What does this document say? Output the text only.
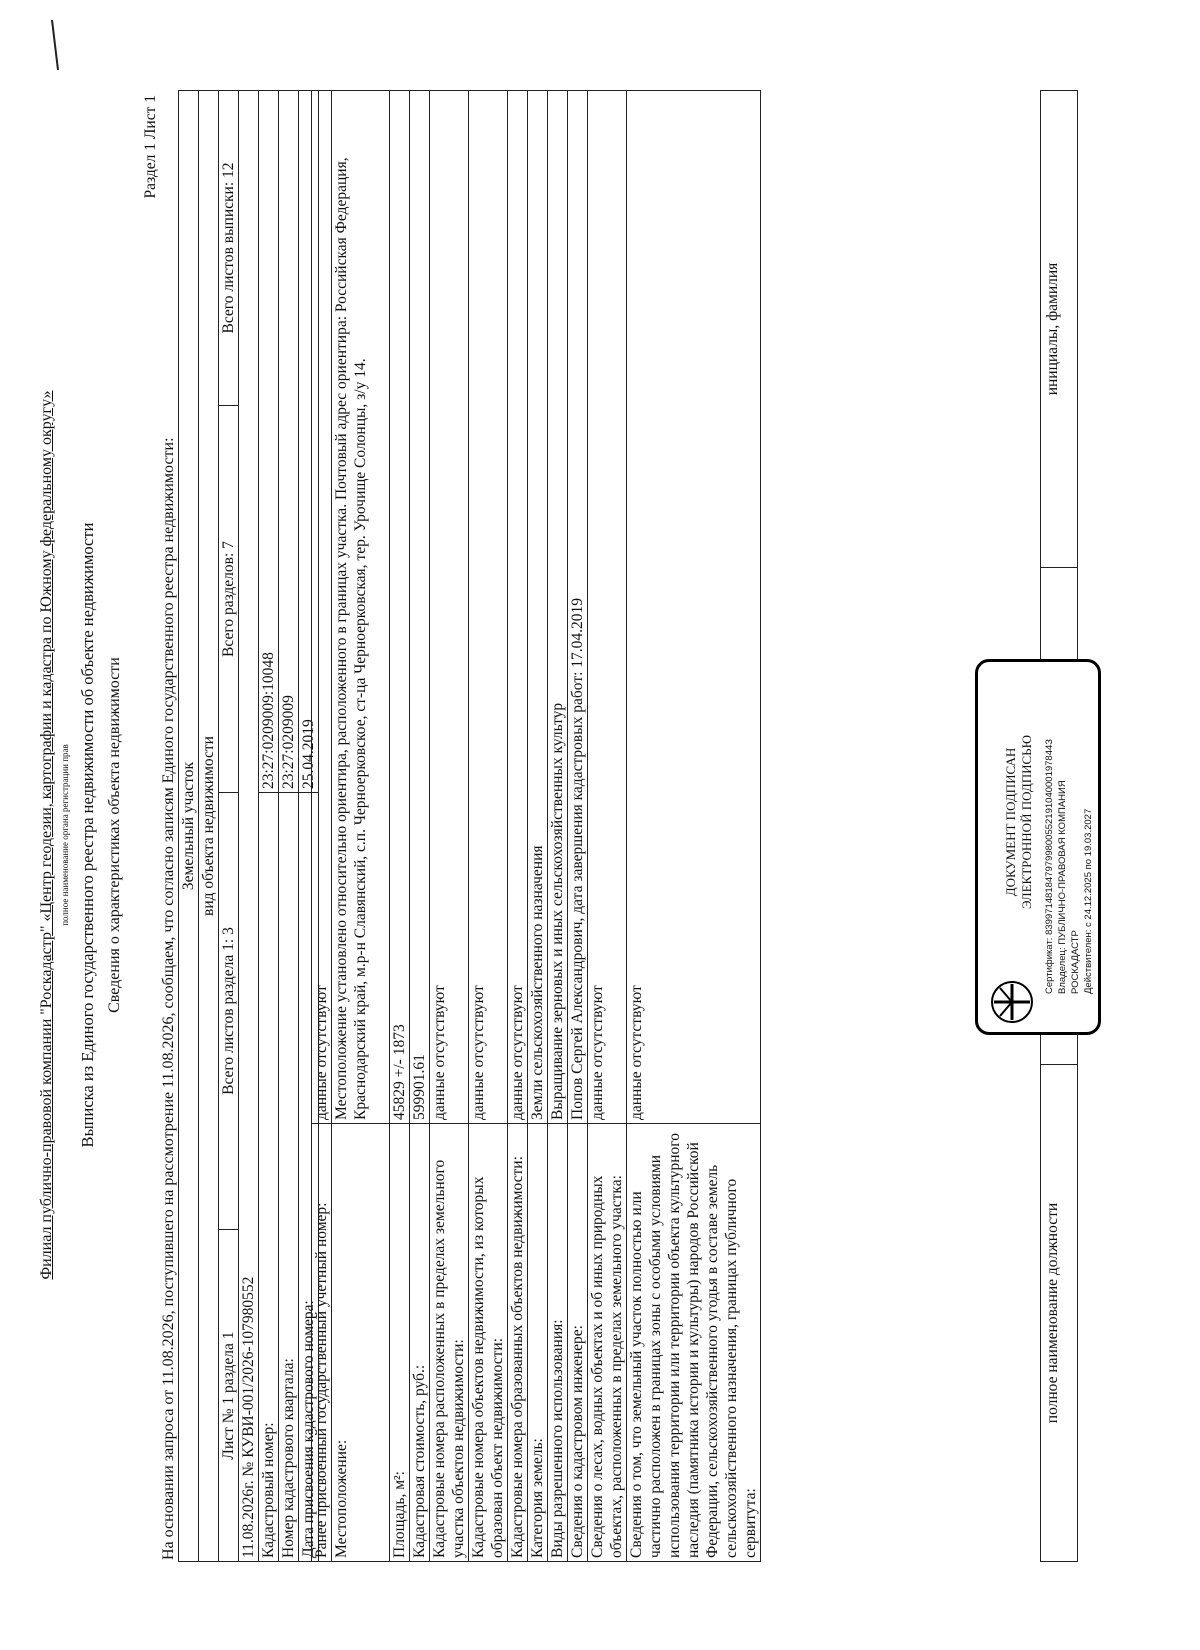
Филиал публично-правовой компании "Роскадастр" «Центр геодезии, картографии и кадастра по Южному федеральному округу» полное наименование органа регистрации прав Выписка из Единого государственного реестра недвижимости об объекте недвижимости Сведения о характеристиках объекта недвижимости
Раздел 1 Лист 1
На основании запроса от 11.08.2026, поступившего на рассмотрение 11.08.2026, сообщаем, что согласно записям Единого государственного реестра недвижимости: Земельный участок			
вид объекта недвижимости			
Лист № 1 раздела 1	Всего листов раздела 1: 3	Всего разделов: 7	Всего листов выписки: 12
11.08.2026г. № КУВИ-001/2026-107980552			
Кадастровый номер:		23:27:0209009:10048	
Номер кадастрового квартала:		23:27:0209009	
Дата присвоения кадастрового номера:		25.04.2019	
Ранее присвоенный государственный учетный номер:	данные отсутствуют
Местоположение:	Местоположение установлено относительно ориентира, расположенного в границах участка. Почтовый адрес ориентира: Российская Федерация, Краснодарский край, м.р-н Славянский, с.п. Черноерковское, ст-ца Черноерковская, тер. Урочище Солонцы, з/у 14.
Площадь, м²:	45829 +/- 1873
Кадастровая стоимость, руб.:	599901.61
Кадастровые номера расположенных в пределах земельного участка объектов недвижимости:	данные отсутствуют
Кадастровые номера объектов недвижимости, из которых образован объект недвижимости:	данные отсутствуют
Кадастровые номера образованных объектов недвижимости:	данные отсутствуют
Категория земель:	Земли сельскохозяйственного назначения
Виды разрешенного использования:	Выращивание зерновых и иных сельскохозяйственных культур
Сведения о кадастровом инженере:	Попов Сергей Александрович, дата завершения кадастровых работ: 17.04.2019
Сведения о лесах, водных объектах и об иных природных объектах, расположенных в пределах земельного участка:	данные отсутствуют
Сведения о том, что земельный участок полностью или частично расположен в границах зоны с особыми условиями использования территории или территории объекта культурного наследия (памятника истории и культуры) народов Российской Федерации, сельскохозяйственного угодья в составе земель сельскохозяйственного назначения, границах публичного сервитута:	данные отсутствуют
полное наименование должности		инициалы, фамилия
ДОКУМЕНТ ПОДПИСАН ЭЛЕКТРОННОЙ ПОДПИСЬЮ Сертификат: 839971481847979980055219104000197844З Владелец: ПУБЛИЧНО-ПРАВОВАЯ КОМПАНИЯ РОСКАДАСТР Действителен: с 24.12.2025 по 19.03.2027
